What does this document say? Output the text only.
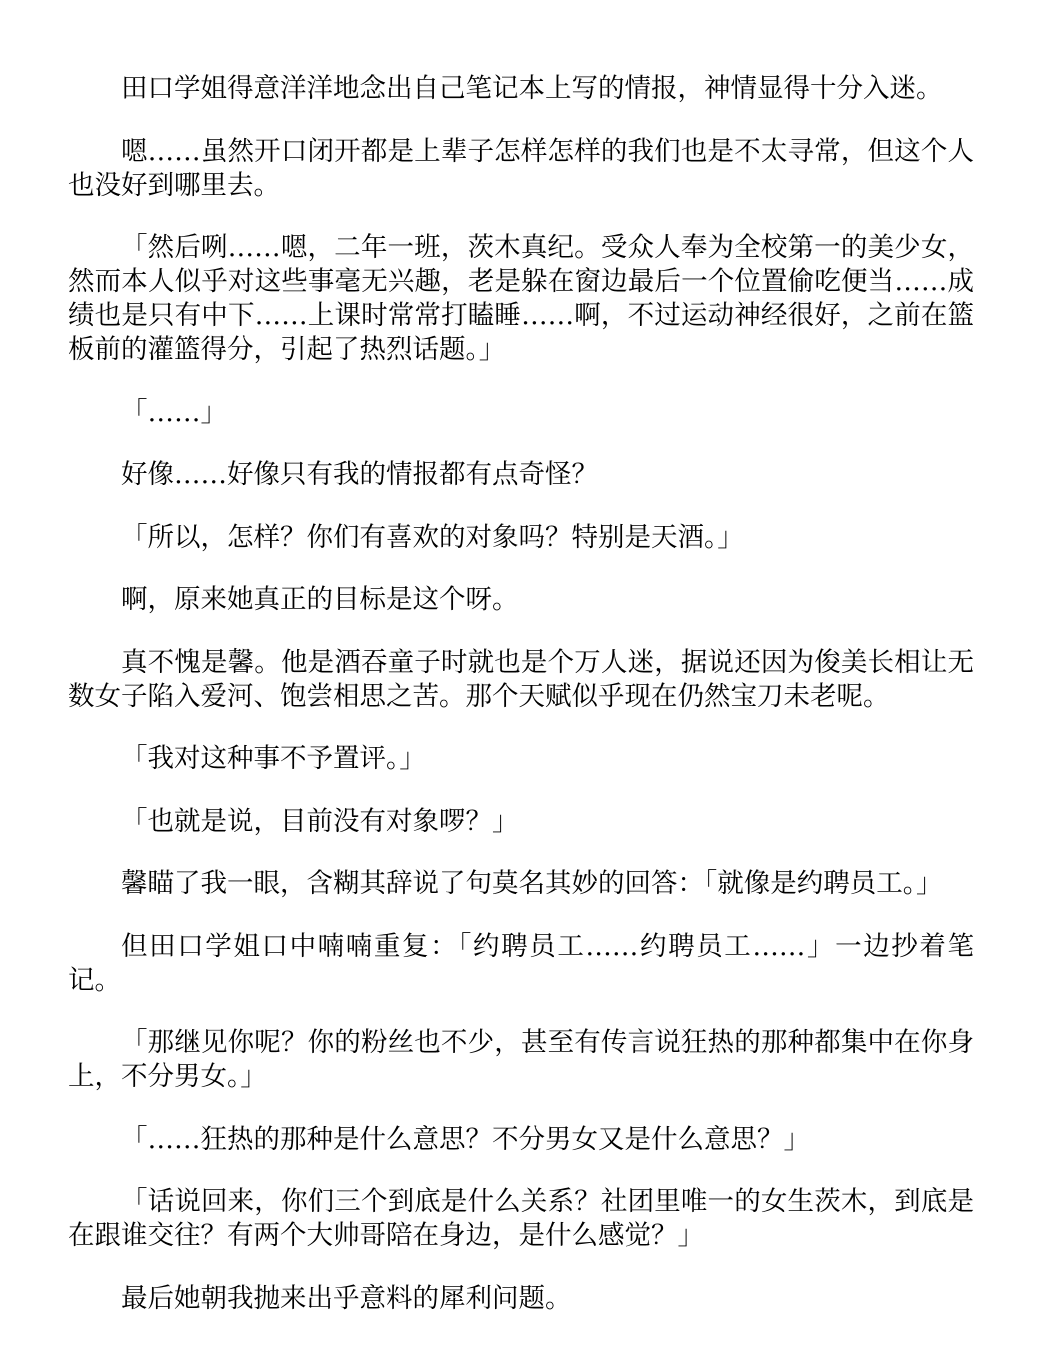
田口学姐得意洋洋地念出自己笔记本上写的情报，神情显得十分入迷。

嗯……虽然开口闭开都是上辈子怎样怎样的我们也是不太寻常，但这个人也没好到哪里去。

「然后咧……嗯，二年一班，茨木真纪。受众人奉为全校第一的美少女，然而本人似乎对这些事毫无兴趣，老是躲在窗边最后一个位置偷吃便当……成绩也是只有中下……上课时常常打瞌睡……啊，不过运动神经很好，之前在篮板前的灌篮得分，引起了热烈话题。」

「……」

好像……好像只有我的情报都有点奇怪？

「所以，怎样？你们有喜欢的对象吗？特别是天酒。」

啊，原来她真正的目标是这个呀。

真不愧是馨。他是酒吞童子时就也是个万人迷，据说还因为俊美长相让无数女子陷入爱河、饱尝相思之苦。那个天赋似乎现在仍然宝刀未老呢。

「我对这种事不予置评。」

「也就是说，目前没有对象啰？」

馨瞄了我一眼，含糊其辞说了句莫名其妙的回答：「就像是约聘员工。」

但田口学姐口中喃喃重复：「约聘员工……约聘员工……」一边抄着笔记。

「那继见你呢？你的粉丝也不少，甚至有传言说狂热的那种都集中在你身上，不分男女。」

「……狂热的那种是什么意思？不分男女又是什么意思？」

「话说回来，你们三个到底是什么关系？社团里唯一的女生茨木，到底是在跟谁交往？有两个大帅哥陪在身边，是什么感觉？」

最后她朝我抛来出乎意料的犀利问题。
